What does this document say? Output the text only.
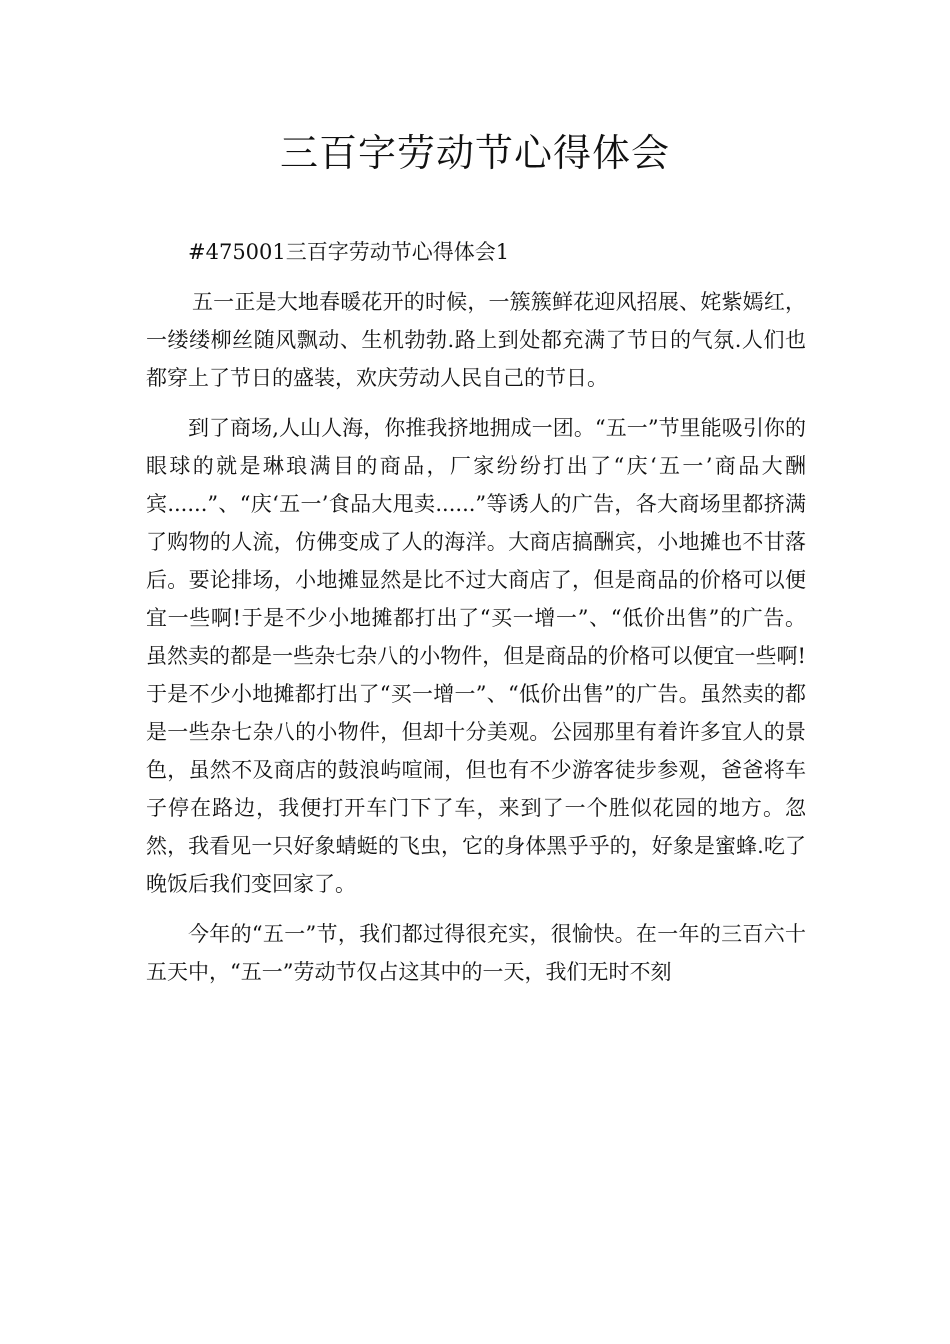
三百字劳动节心得体会

#475001三百字劳动节心得体会1

五一正是大地春暖花开的时候，一簇簇鲜花迎风招展、姹紫嫣红，一缕缕柳丝随风飘动、生机勃勃.路上到处都充满了节日的气氛.人们也都穿上了节日的盛装，欢庆劳动人民自己的节日。

到了商场,人山人海，你推我挤地拥成一团。“五一”节里能吸引你的眼球的就是琳琅满目的商品，厂家纷纷打出了“庆‘五一’商品大酬宾......”、“庆‘五一’食品大甩卖......”等诱人的广告，各大商场里都挤满了购物的人流，仿佛变成了人的海洋。大商店搞酬宾，小地摊也不甘落后。要论排场，小地摊显然是比不过大商店了，但是商品的价格可以便宜一些啊!于是不少小地摊都打出了“买一增一”、“低价出售”的广告。虽然卖的都是一些杂七杂八的小物件，但是商品的价格可以便宜一些啊!于是不少小地摊都打出了“买一增一”、“低价出售”的广告。虽然卖的都是一些杂七杂八的小物件，但却十分美观。公园那里有着许多宜人的景色，虽然不及商店的鼓浪屿喧闹，但也有不少游客徒步参观，爸爸将车子停在路边，我便打开车门下了车，来到了一个胜似花园的地方。忽然，我看见一只好象蜻蜓的飞虫，它的身体黑乎乎的，好象是蜜蜂.吃了晚饭后我们变回家了。

今年的“五一”节，我们都过得很充实，很愉快。在一年的三百六十五天中，“五一”劳动节仅占这其中的一天，我们无时不刻
